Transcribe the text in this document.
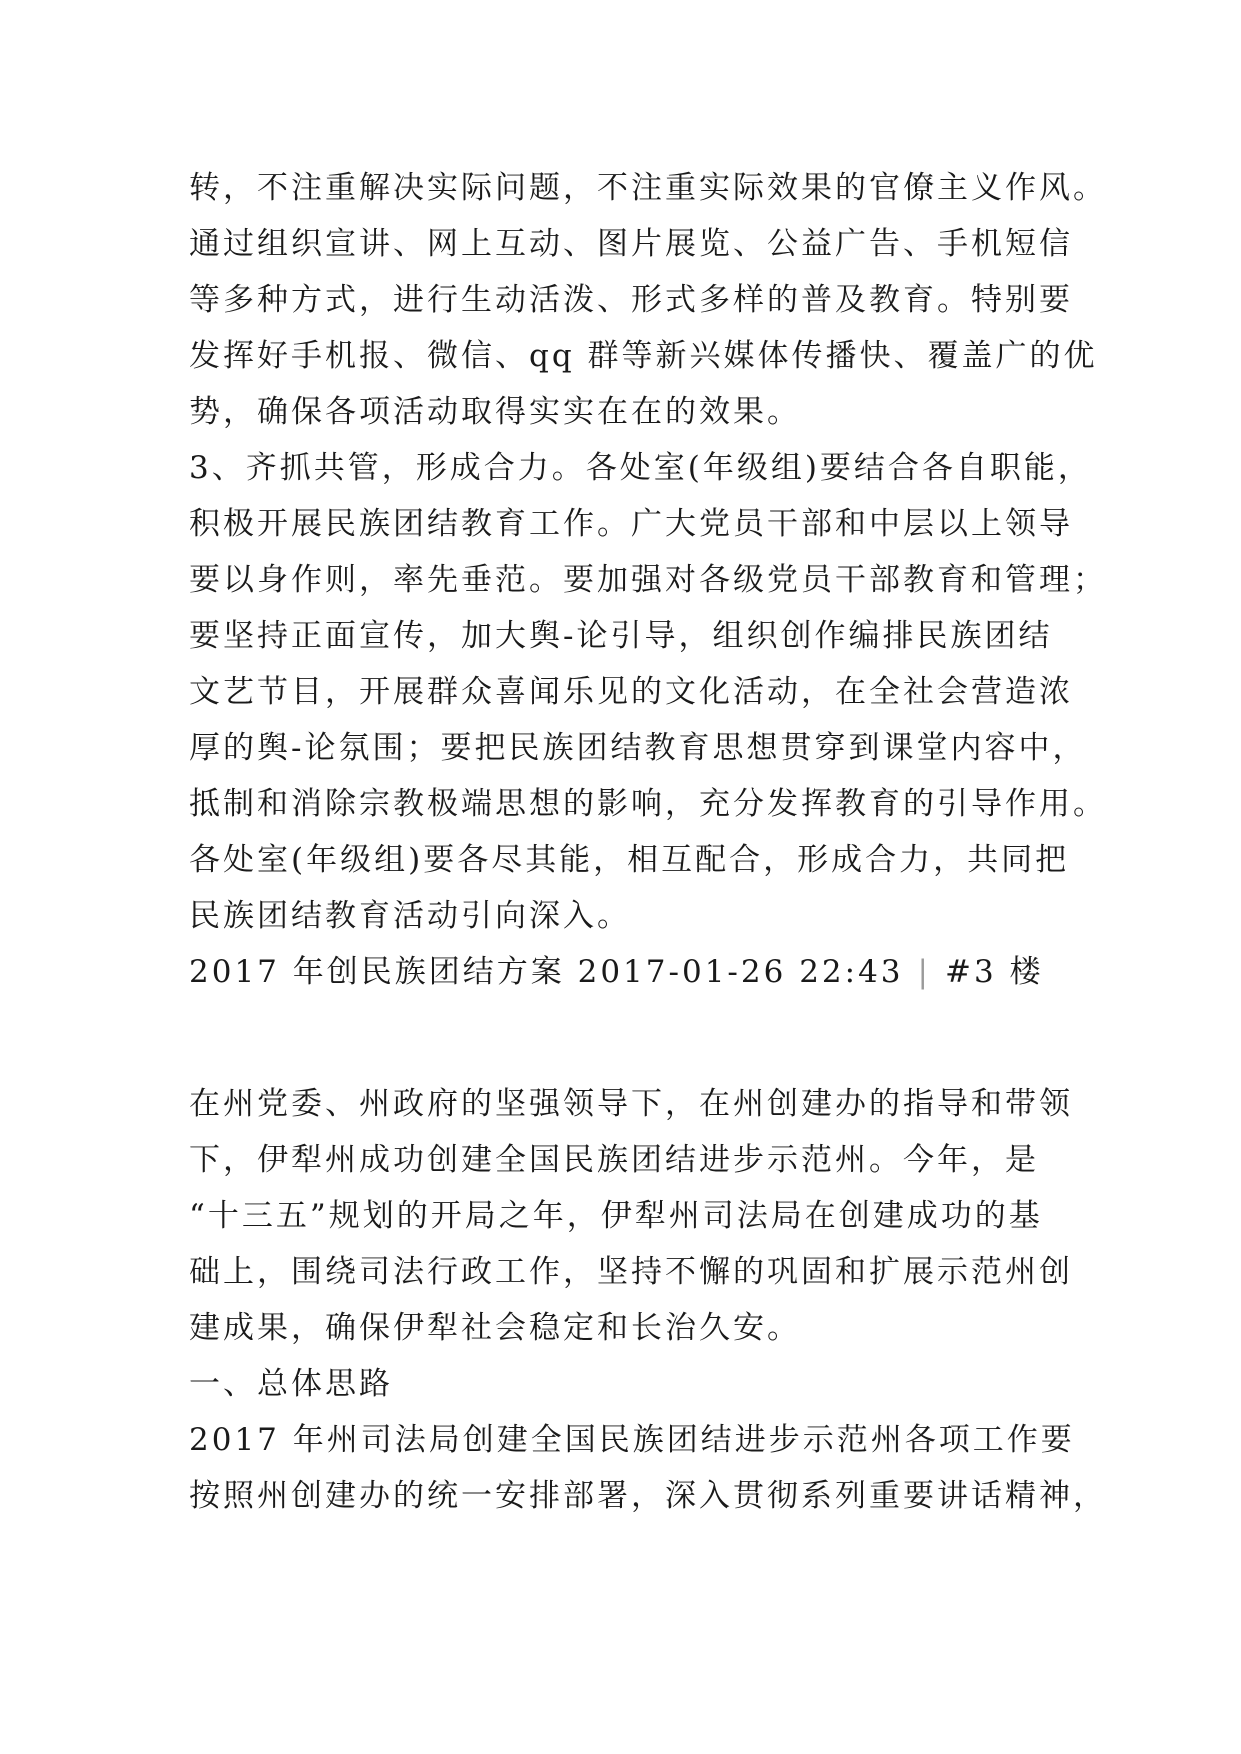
转，不注重解决实际问题，不注重实际效果的官僚主义作风。
通过组织宣讲、网上互动、图片展览、公益广告、手机短信
等多种方式，进行生动活泼、形式多样的普及教育。特别要
发挥好手机报、微信、qq 群等新兴媒体传播快、覆盖广的优
势，确保各项活动取得实实在在的效果。
3、齐抓共管，形成合力。各处室(年级组)要结合各自职能，
积极开展民族团结教育工作。广大党员干部和中层以上领导
要以身作则，率先垂范。要加强对各级党员干部教育和管理；
要坚持正面宣传，加大舆-论引导，组织创作编排民族团结
文艺节目，开展群众喜闻乐见的文化活动，在全社会营造浓
厚的舆-论氛围；要把民族团结教育思想贯穿到课堂内容中，
抵制和消除宗教极端思想的影响，充分发挥教育的引导作用。
各处室(年级组)要各尽其能，相互配合，形成合力，共同把
民族团结教育活动引向深入。
2017 年创民族团结方案 2017-01-26 22:43 | #3 楼
在州党委、州政府的坚强领导下，在州创建办的指导和带领
下，伊犁州成功创建全国民族团结进步示范州。今年，是
“十三五”规划的开局之年，伊犁州司法局在创建成功的基
础上，围绕司法行政工作，坚持不懈的巩固和扩展示范州创
建成果，确保伊犁社会稳定和长治久安。
一、总体思路
2017 年州司法局创建全国民族团结进步示范州各项工作要
按照州创建办的统一安排部署，深入贯彻系列重要讲话精神，
